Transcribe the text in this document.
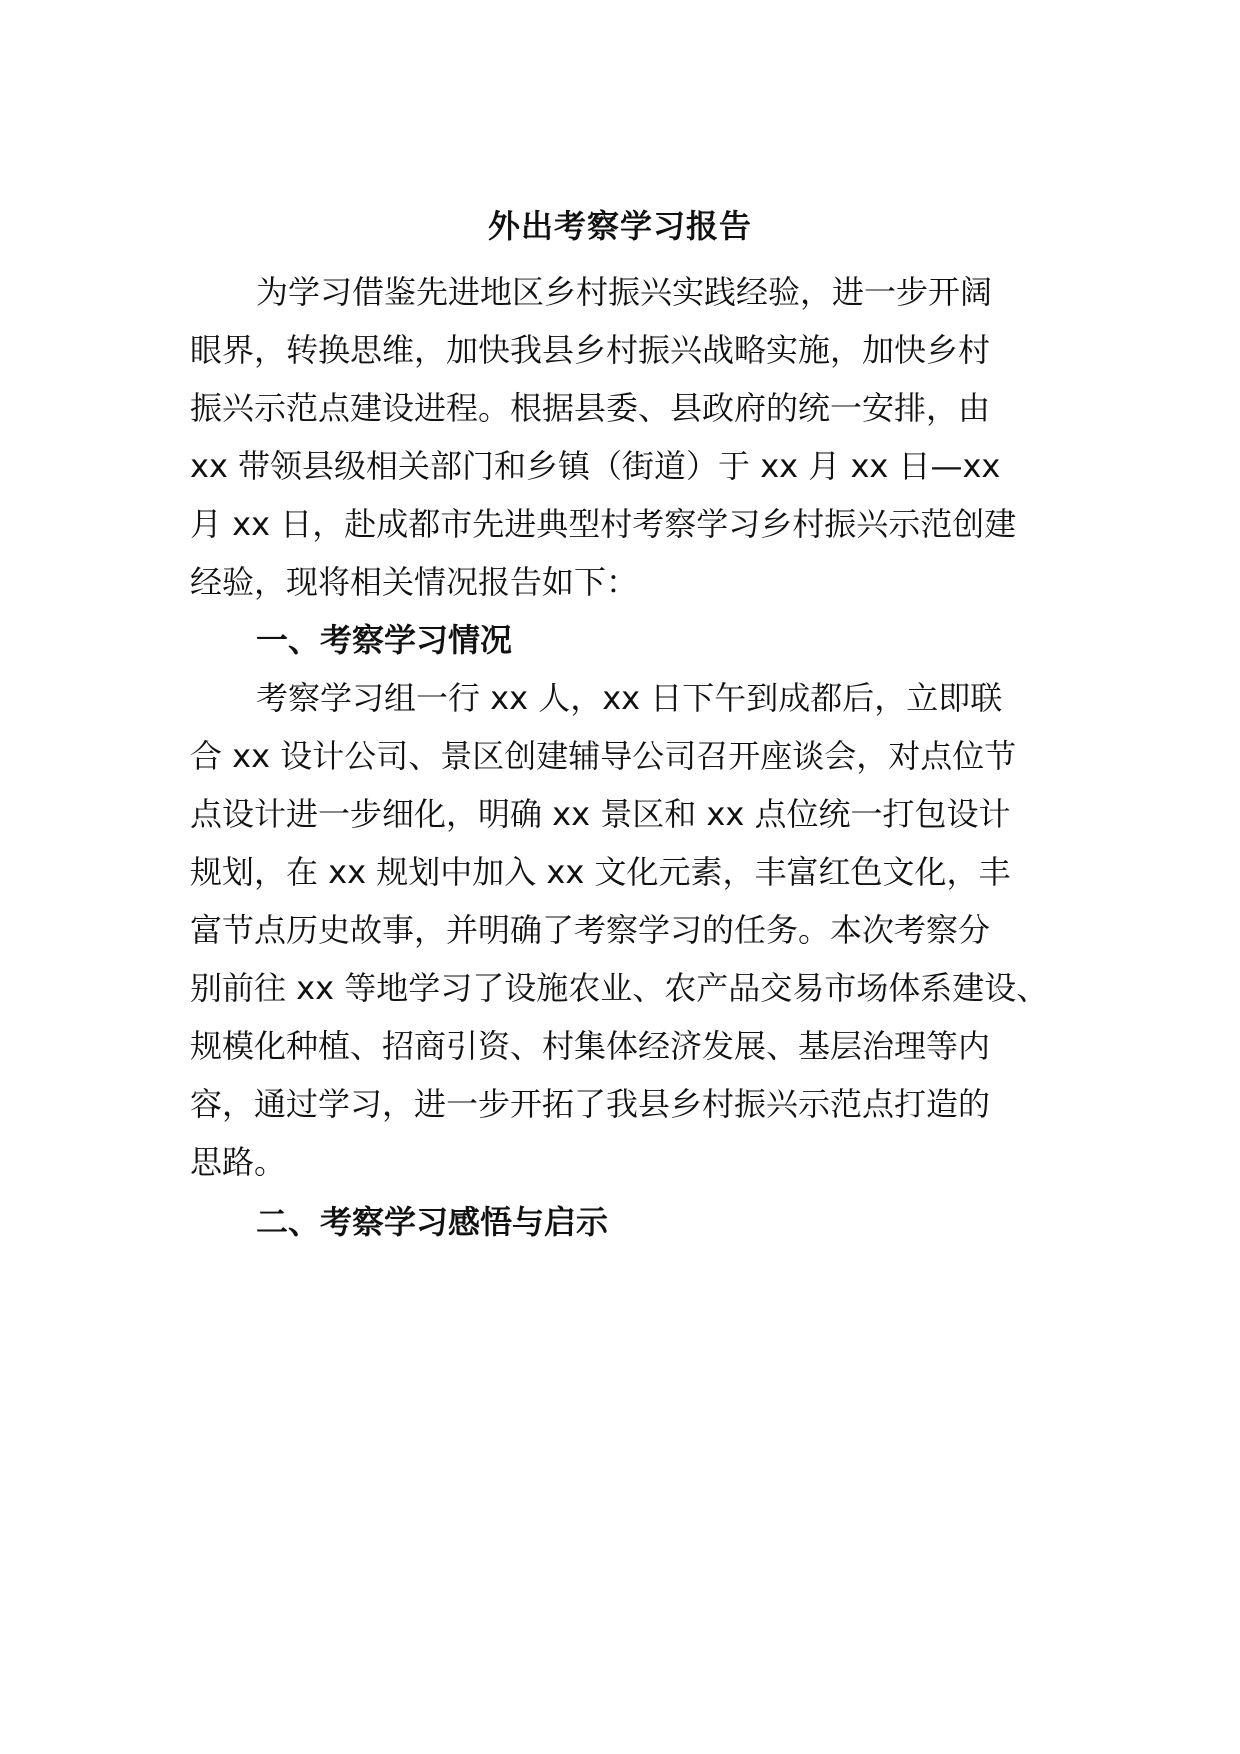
外出考察学习报告
为学习借鉴先进地区乡村振兴实践经验，进一步开阔
眼界，转换思维，加快我县乡村振兴战略实施，加快乡村
振兴示范点建设进程。根据县委、县政府的统一安排，由
xx 带领县级相关部门和乡镇（街道）于 xx 月 xx 日—xx
月 xx 日，赴成都市先进典型村考察学习乡村振兴示范创建
经验，现将相关情况报告如下：
一、考察学习情况
考察学习组一行 xx 人，xx 日下午到成都后，立即联
合 xx 设计公司、景区创建辅导公司召开座谈会，对点位节
点设计进一步细化，明确 xx 景区和 xx 点位统一打包设计
规划，在 xx 规划中加入 xx 文化元素，丰富红色文化，丰
富节点历史故事，并明确了考察学习的任务。本次考察分
别前往 xx 等地学习了设施农业、农产品交易市场体系建设、
规模化种植、招商引资、村集体经济发展、基层治理等内
容，通过学习，进一步开拓了我县乡村振兴示范点打造的
思路。
二、考察学习感悟与启示
